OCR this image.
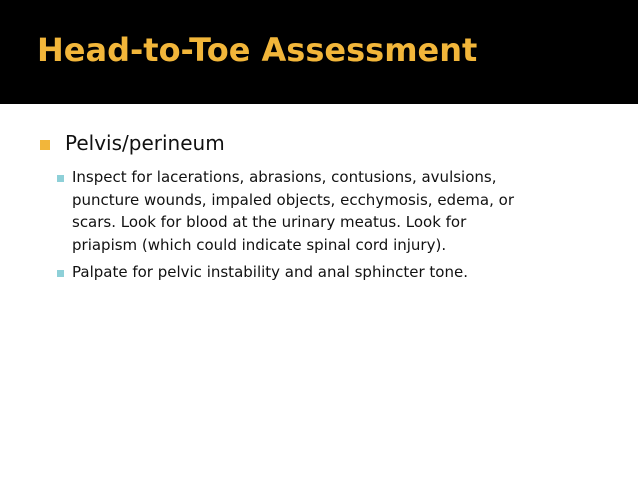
Head-to-Toe Assessment
Pelvis/perineum
Inspect for lacerations, abrasions, contusions, avulsions,
puncture wounds, impaled objects, ecchymosis, edema, or
scars. Look for blood at the urinary meatus. Look for
priapism (which could indicate spinal cord injury).
Palpate for pelvic instability and anal sphincter tone.
